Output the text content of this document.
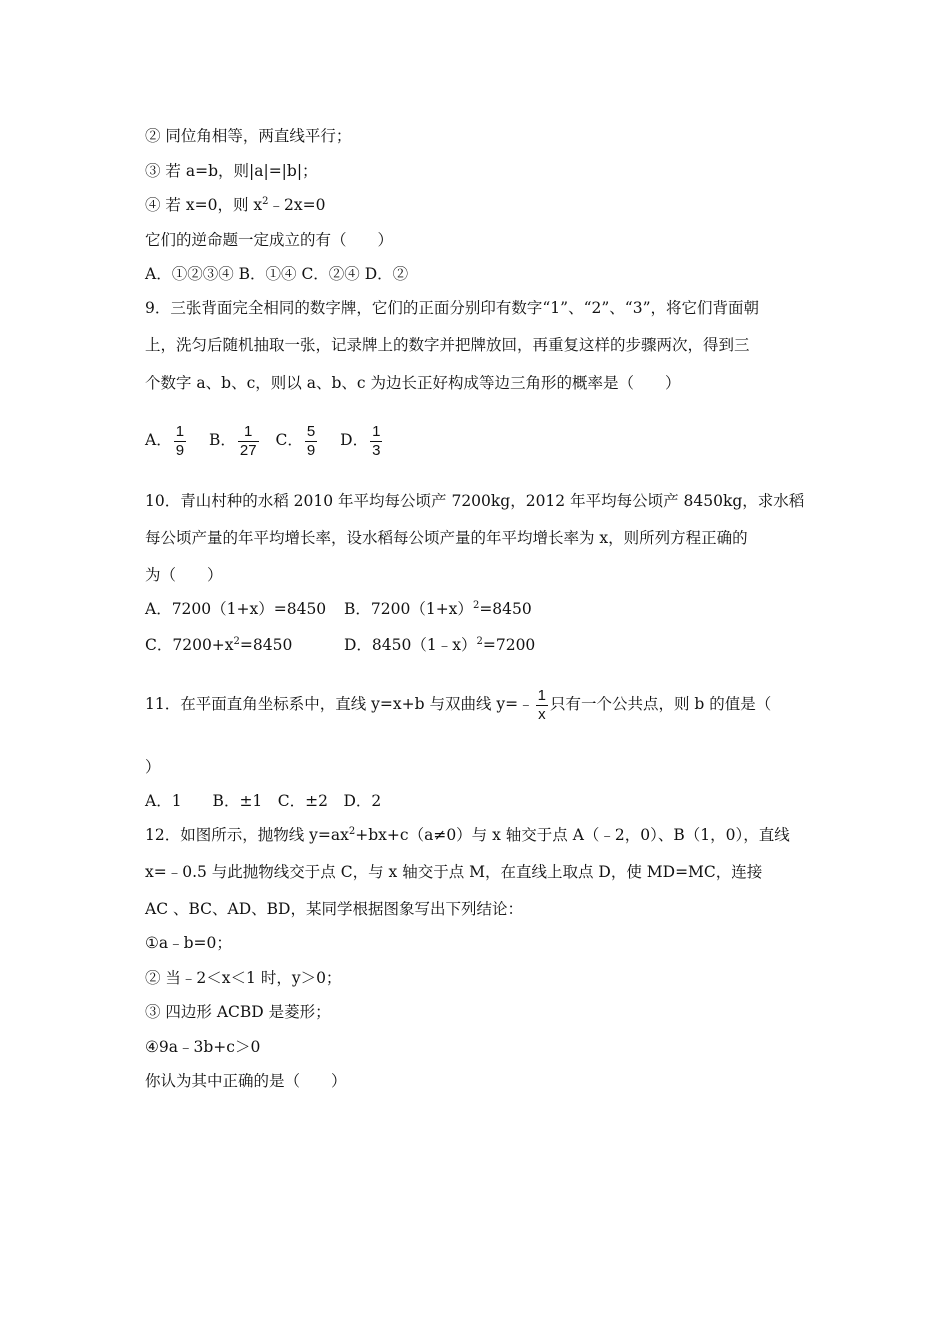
② 同位角相等，两直线平行；
③ 若 a=b，则|a|=|b|；
④ 若 x=0，则 $x^2﹣2x=0$
它们的逆命题一定成立的有（　　）
A．①②③④ B．①④ C．②④ D．②
9．三张背面完全相同的数字牌，它们的正面分别印有数字“1”、“2”、“3”，将它们背面朝
上，洗匀后随机抽取一张，记录牌上的数字并把牌放回，再重复这样的步骤两次，得到三
个数字 a、b、c，则以 a、b、c 为边长正好构成等边三角形的概率是（　　）
A． $\frac{1}{9}$ B． $\frac{1}{27}$ C． $\frac{5}{9}$ D． $\frac{1}{3}$
10．青山村种的水稻 2010 年平均每公顷产 7200kg，2012 年平均每公顷产 8450kg，求水稻
每公顷产量的年平均增长率，设水稻每公顷产量的年平均增长率为 x，则所列方程正确的
为（　　）
A．7200（1+x）=8450 B．$7200(1+x)^2=8450$
C．$7200+x^2=8450$	D．8450（1﹣x）$^2$=7200
11．在平面直角坐标系中，直线 y=x+b 与双曲线 y=﹣ $\frac{1}{x}$ 只有一个公共点，则 b 的值是（
）
A．1　　B．±1　C．±2　D．2
12．如图所示，抛物线 $y=ax^2+bx+c(a\ne 0)$与 x 轴交于点 A（﹣2，0）、B（1，0），直线
x=﹣0.5 与此抛物线交于点 C，与 x 轴交于点 M，在直线上取点 D，使 MD=MC，连接
AC 、BC、AD、BD，某同学根据图象写出下列结论：
①a﹣b=0；
② 当﹣2＜x＜1 时，y＞0；
③ 四边形 ACBD 是菱形；
④9a﹣3b+c＞0
你认为其中正确的是（　　）
